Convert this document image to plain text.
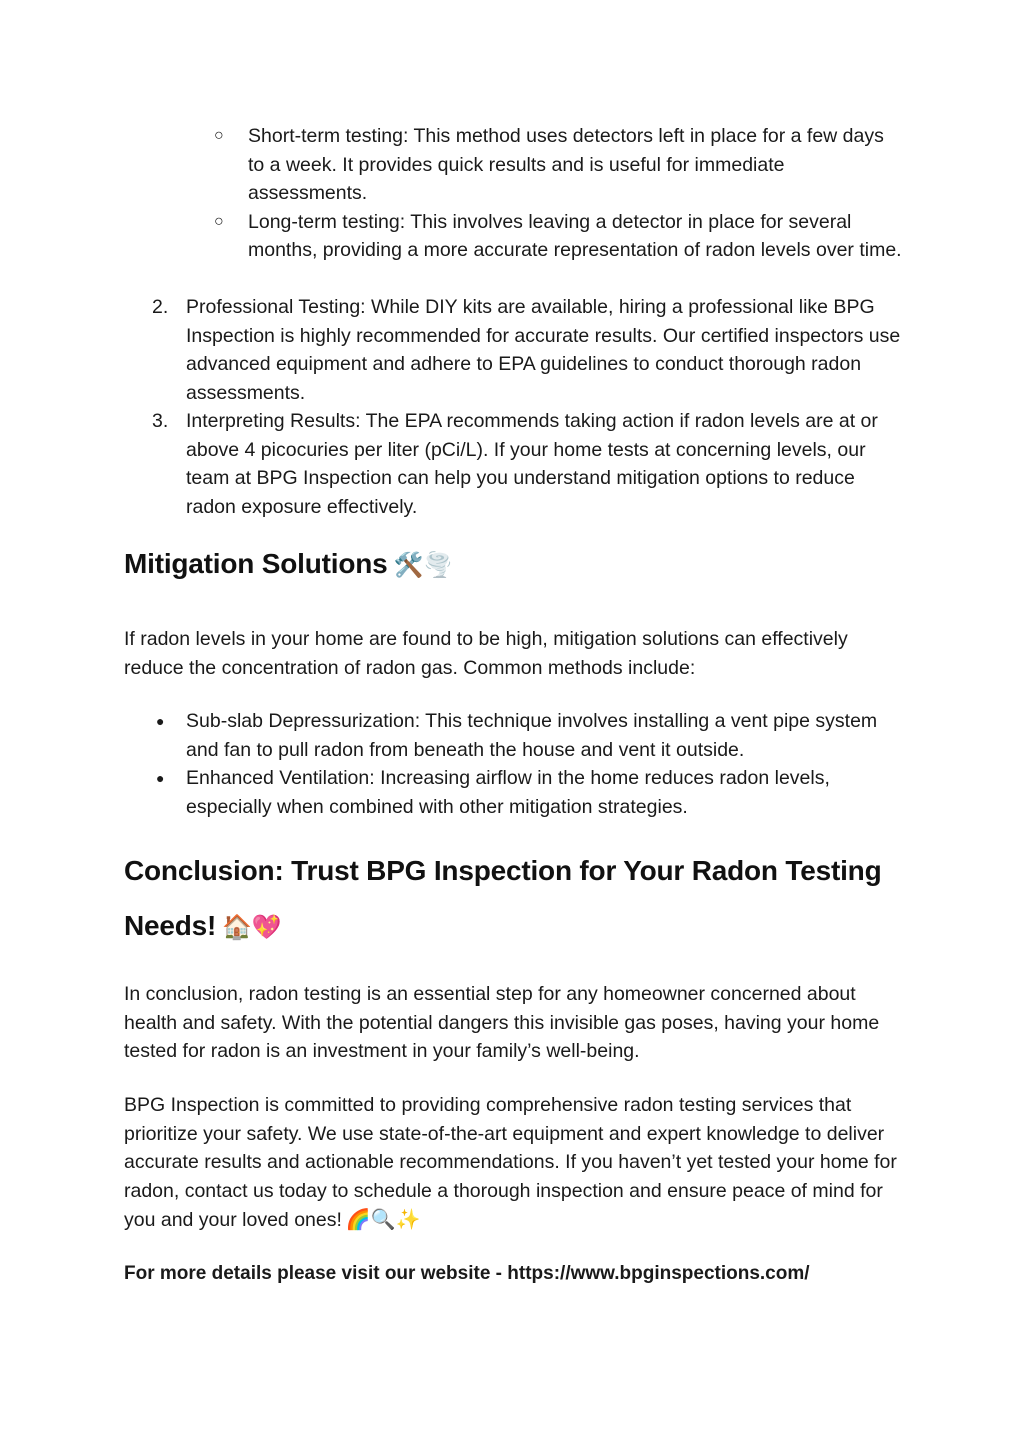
○ Short-term testing: This method uses detectors left in place for a few days to a week. It provides quick results and is useful for immediate assessments.
○ Long-term testing: This involves leaving a detector in place for several months, providing a more accurate representation of radon levels over time.
2. Professional Testing: While DIY kits are available, hiring a professional like BPG Inspection is highly recommended for accurate results. Our certified inspectors use advanced equipment and adhere to EPA guidelines to conduct thorough radon assessments.
3. Interpreting Results: The EPA recommends taking action if radon levels are at or above 4 picocuries per liter (pCi/L). If your home tests at concerning levels, our team at BPG Inspection can help you understand mitigation options to reduce radon exposure effectively.
Mitigation Solutions 🛠️🌪️

If radon levels in your home are found to be high, mitigation solutions can effectively reduce the concentration of radon gas. Common methods include:

● Sub-slab Depressurization: This technique involves installing a vent pipe system and fan to pull radon from beneath the house and vent it outside.
● Enhanced Ventilation: Increasing airflow in the home reduces radon levels, especially when combined with other mitigation strategies.
Conclusion: Trust BPG Inspection for Your Radon Testing Needs! 🏠💖

In conclusion, radon testing is an essential step for any homeowner concerned about health and safety. With the potential dangers this invisible gas poses, having your home tested for radon is an investment in your family’s well-being.

BPG Inspection is committed to providing comprehensive radon testing services that prioritize your safety. We use state-of-the-art equipment and expert knowledge to deliver accurate results and actionable recommendations. If you haven’t yet tested your home for radon, contact us today to schedule a thorough inspection and ensure peace of mind for you and your loved ones! 🌈🔍✨

For more details please visit our website - https://www.bpginspections.com/
